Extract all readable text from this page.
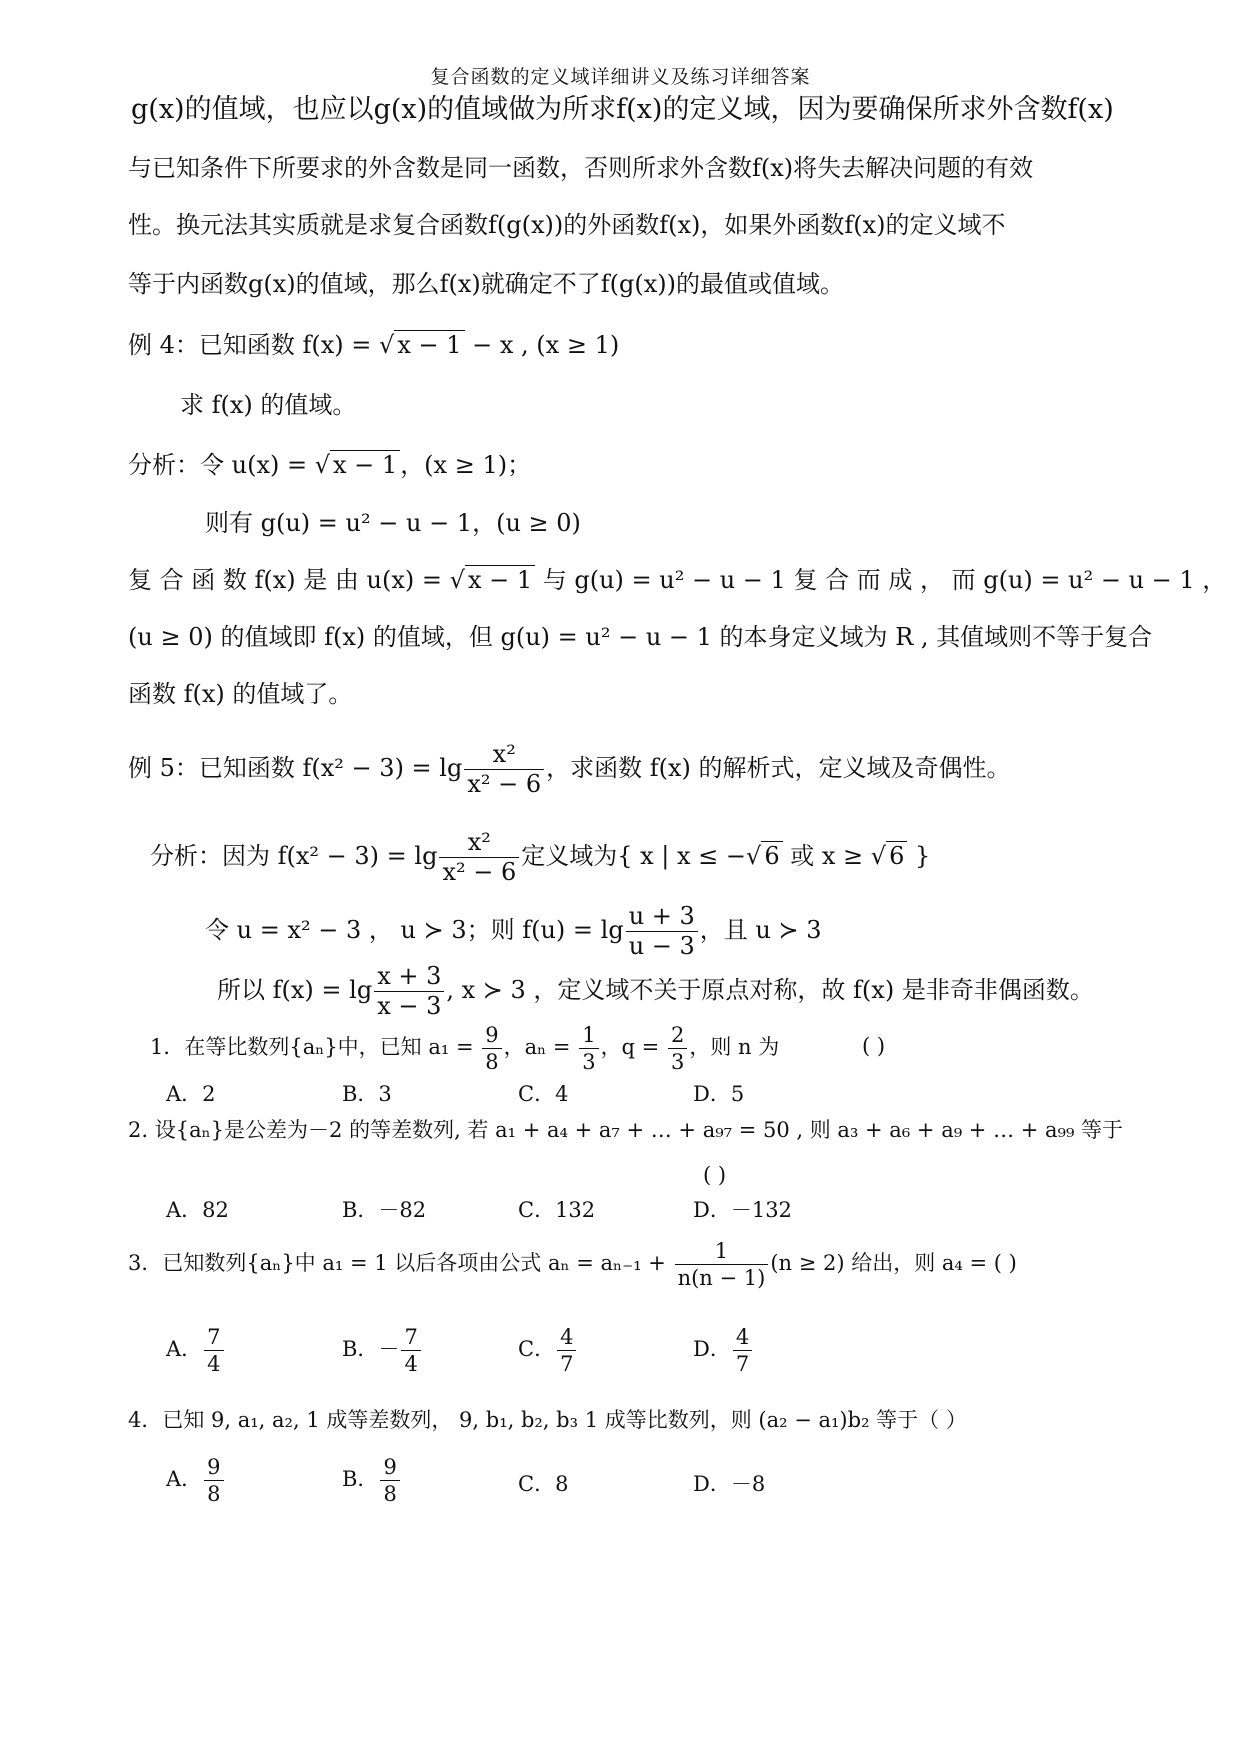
复合函数的定义域详细讲义及练习详细答案
g(x)的值域，也应以g(x)的值域做为所求f(x)的定义域，因为要确保所求外含数f(x)
与已知条件下所要求的外含数是同一函数，否则所求外含数f(x)将失去解决问题的有效
性。换元法其实质就是求复合函数f(g(x))的外函数f(x)，如果外函数f(x)的定义域不
等于内函数g(x)的值域，那么f(x)就确定不了f(g(x))的最值或值域。
例 4：已知函数 f(x) = √ x − 1 − x , (x ≥ 1)
求 f(x) 的值域。
分析：令 u(x) = √ x − 1 ，(x ≥ 1)；
则有 g(u) = u² − u − 1，(u ≥ 0)
复 合 函 数 f(x) 是 由 u(x) = √ x − 1 与 g(u) = u² − u − 1 复 合 而 成 ， 而 g(u) = u² − u − 1 ，
(u ≥ 0) 的值域即 f(x) 的值域，但 g(u) = u² − u − 1 的本身定义域为 R , 其值域则不等于复合
函数 f(x) 的值域了。
例 5：已知函数 $f(x^2 - 3) = \lg \frac{\text{x²}}{\text{x² − 6}}$ ，求函数 f(x) 的解析式，定义域及奇偶性。
分析：因为 $f(x^2 - 3) = \lg \frac{\text{x²}}{\text{x² − 6}}$ 定义域为{ x | x ≤ −√ 6 或 x ≥ √ 6 }
令 u = x² − 3 ， u ≻ 3；则 $f(u) = \lg \frac{u + 3}{u - 3}$ ，且 u ≻ 3
所以 $f(x) = \lg \frac{x + 3}{x - 3}$ , x ≻ 3 ，定义域不关于原点对称，故 f(x) 是非奇非偶函数。
1．在等比数列{aₙ}中，已知 $a_1 = \frac{9}{8}$ ，$a_n = \frac{1}{3}$ ，$q = \frac{2}{3}$ ，则 n 为	( )
A．2	B．3	C．4	D．5
2. 设{aₙ}是公差为－2 的等差数列, 若 a₁ + a₄ + a₇ + … + a₉₇ = 50 , 则 a₃ + a₆ + a₉ + … + a₉₉ 等于
( )
A．82	B．－82	C．132	D．－132
3．已知数列{aₙ}中 a₁ = 1 以后各项由公式 $a_n = a_{n-1} + \frac{1}{n(n - 1)} (n \ge 2)$ 给出，则 a₄ = ( )
A． $\frac{7}{4}$	B．－ $\frac{7}{4}$	C． $\frac{4}{7}$	D． $\frac{4}{7}$
4．已知 9, a₁, a₂, 1 成等差数列， 9, b₁, b₂, b₃ 1 成等比数列，则 (a₂ − a₁)b₂ 等于（ ）
A． $\frac{9}{8}$	B． $\frac{9}{8}$	C．8	D．－8
